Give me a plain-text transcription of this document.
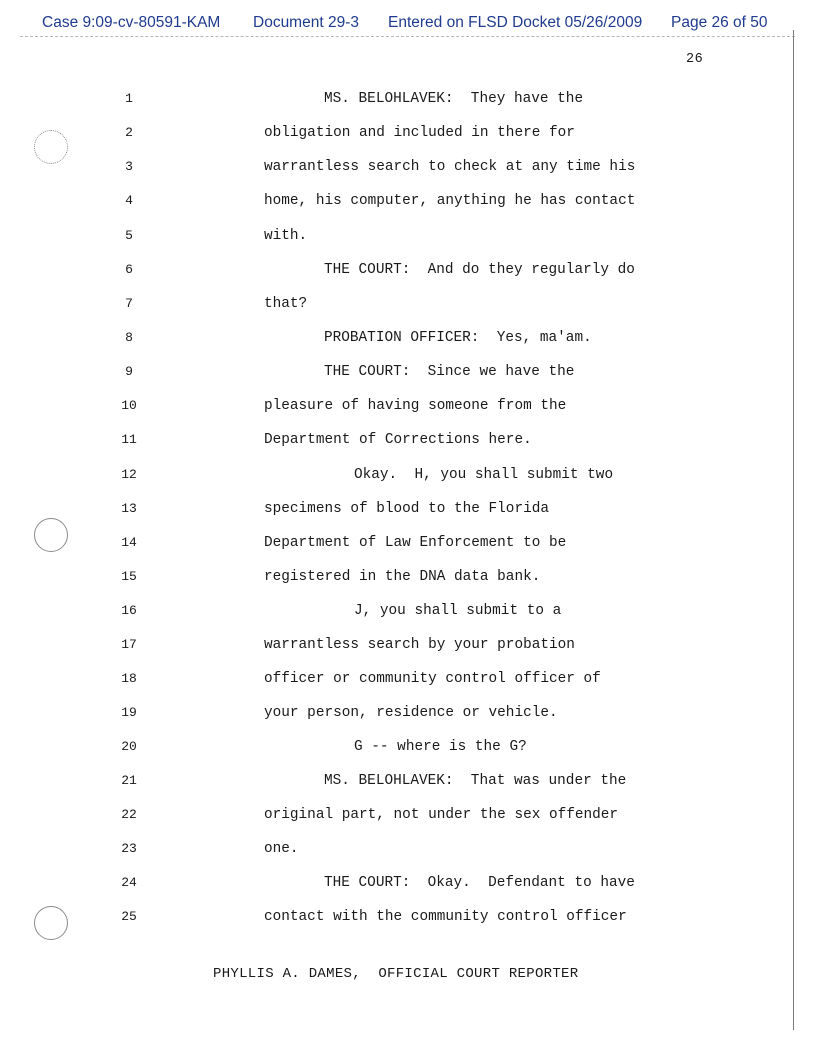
Case 9:09-cv-80591-KAM Document 29-3 Entered on FLSD Docket 05/26/2009 Page 26 of 50
26
1	MS. BELOHLAVEK:  They have the
2	obligation and included in there for
3	warrantless search to check at any time his
4	home, his computer, anything he has contact
5	with.
6	THE COURT:  And do they regularly do
7	that?
8	PROBATION OFFICER:  Yes, ma'am.
9	THE COURT:  Since we have the
10	pleasure of having someone from the
11	Department of Corrections here.
12	Okay.  H, you shall submit two
13	specimens of blood to the Florida
14	Department of Law Enforcement to be
15	registered in the DNA data bank.
16	J, you shall submit to a
17	warrantless search by your probation
18	officer or community control officer of
19	your person, residence or vehicle.
20	G -- where is the G?
21	MS. BELOHLAVEK:  That was under the
22	original part, not under the sex offender
23	one.
24	THE COURT:  Okay.  Defendant to have
25	contact with the community control officer
PHYLLIS A. DAMES,  OFFICIAL COURT REPORTER
